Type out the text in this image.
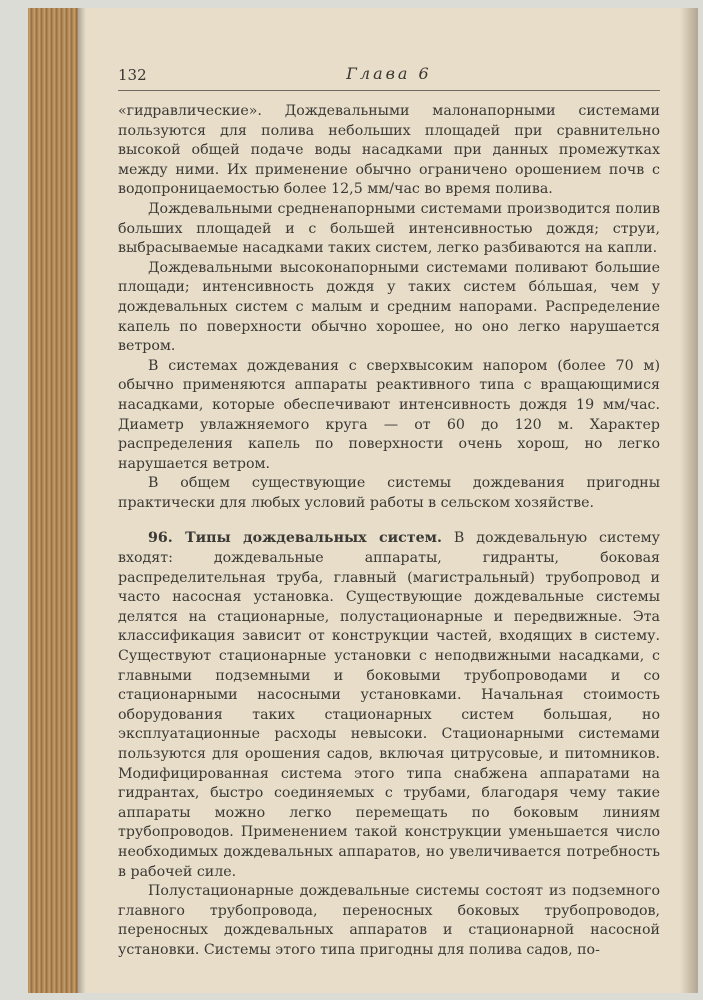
132	Глава 6

«гидравлические». Дождевальными малонапорными системами пользуются для полива небольших площадей при сравнительно высокой общей подаче воды насадками при данных промежутках между ними. Их применение обычно ограничено орошением почв с водопроницаемостью более 12,5 мм/час во время полива.

Дождевальными средненапорными системами производится полив больших площадей и с большей интенсивностью дождя; струи, выбрасываемые насадками таких систем, легко разбиваются на капли.

Дождевальными высоконапорными системами поливают большие площади; интенсивность дождя у таких систем бо́льшая, чем у дождевальных систем с малым и средним напорами. Распределение капель по поверхности обычно хорошее, но оно легко нарушается ветром.

В системах дождевания с сверхвысоким напором (более 70 м) обычно применяются аппараты реактивного типа с вращающимися насадками, которые обеспечивают интенсивность дождя 19 мм/час. Диаметр увлажняемого круга — от 60 до 120 м. Характер распределения капель по поверхности очень хорош, но легко нарушается ветром.

В общем существующие системы дождевания пригодны практически для любых условий работы в сельском хозяйстве.

96. Типы дождевальных систем. В дождевальную систему входят: дождевальные аппараты, гидранты, боковая распределительная труба, главный (магистральный) трубопровод и часто насосная установка. Существующие дождевальные системы делятся на стационарные, полустационарные и передвижные. Эта классификация зависит от конструкции частей, входящих в систему. Существуют стационарные установки с неподвижными насадками, с главными подземными и боковыми трубопроводами и со стационарными насосными установками. Начальная стоимость оборудования таких стационарных систем большая, но эксплуатационные расходы невысоки. Стационарными системами пользуются для орошения садов, включая цитрусовые, и питомников. Модифицированная система этого типа снабжена аппаратами на гидрантах, быстро соединяемых с трубами, благодаря чему такие аппараты можно легко перемещать по боковым линиям трубопроводов. Применением такой конструкции уменьшается число необходимых дождевальных аппаратов, но увеличивается потребность в рабочей силе.

Полустационарные дождевальные системы состоят из подземного главного трубопровода, переносных боковых трубопроводов, переносных дождевальных аппаратов и стационарной насосной установки. Системы этого типа пригодны для полива садов, по-
